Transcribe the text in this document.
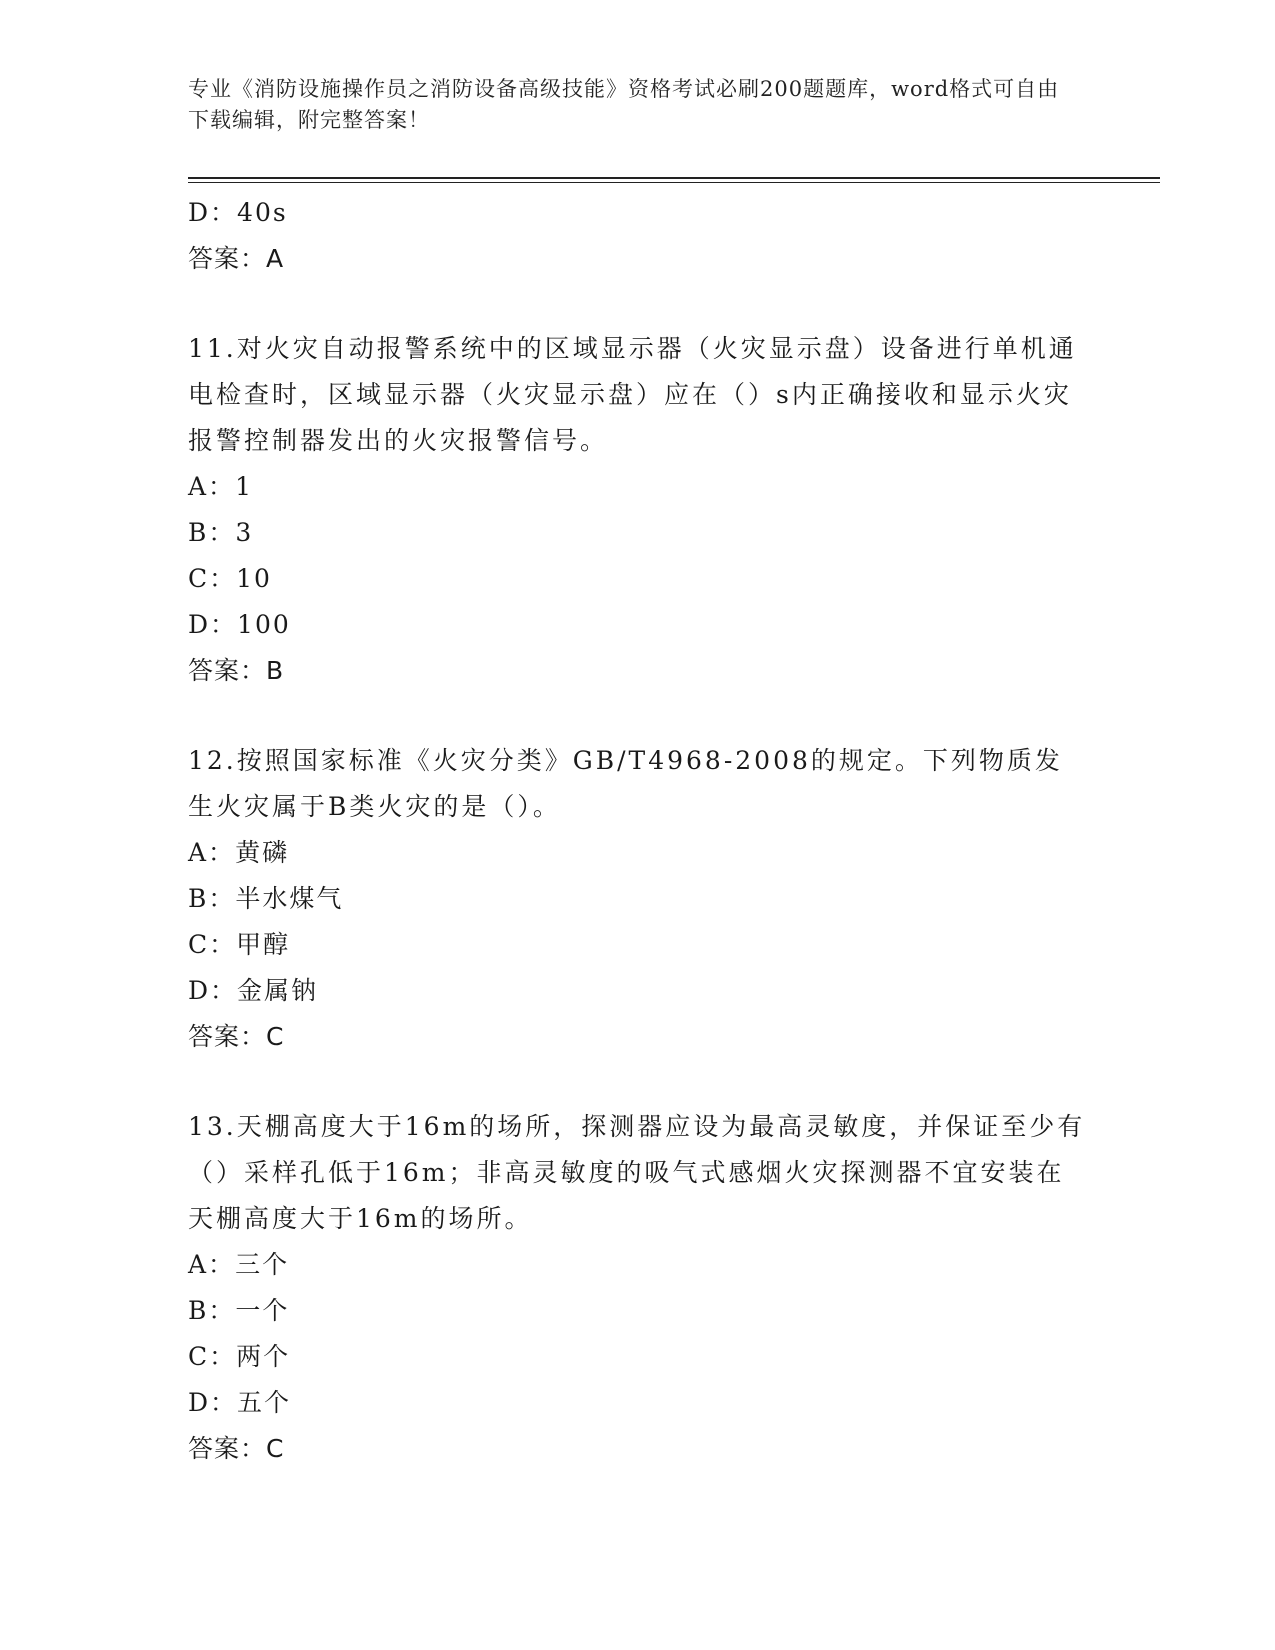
专业《消防设施操作员之消防设备高级技能》资格考试必刷200题题库，word格式可自由下载编辑，附完整答案！
D：40s
答案：A
11.对火灾自动报警系统中的区域显示器（火灾显示盘）设备进行单机通电检查时，区域显示器（火灾显示盘）应在（）s内正确接收和显示火灾报警控制器发出的火灾报警信号。
A：1
B：3
C：10
D：100
答案：B
12.按照国家标准《火灾分类》GB/T4968-2008的规定。下列物质发生火灾属于B类火灾的是（）。
A：黄磷
B：半水煤气
C：甲醇
D：金属钠
答案：C
13.天棚高度大于16m的场所，探测器应设为最高灵敏度，并保证至少有（）采样孔低于16m；非高灵敏度的吸气式感烟火灾探测器不宜安装在天棚高度大于16m的场所。
A：三个
B：一个
C：两个
D：五个
答案：C
